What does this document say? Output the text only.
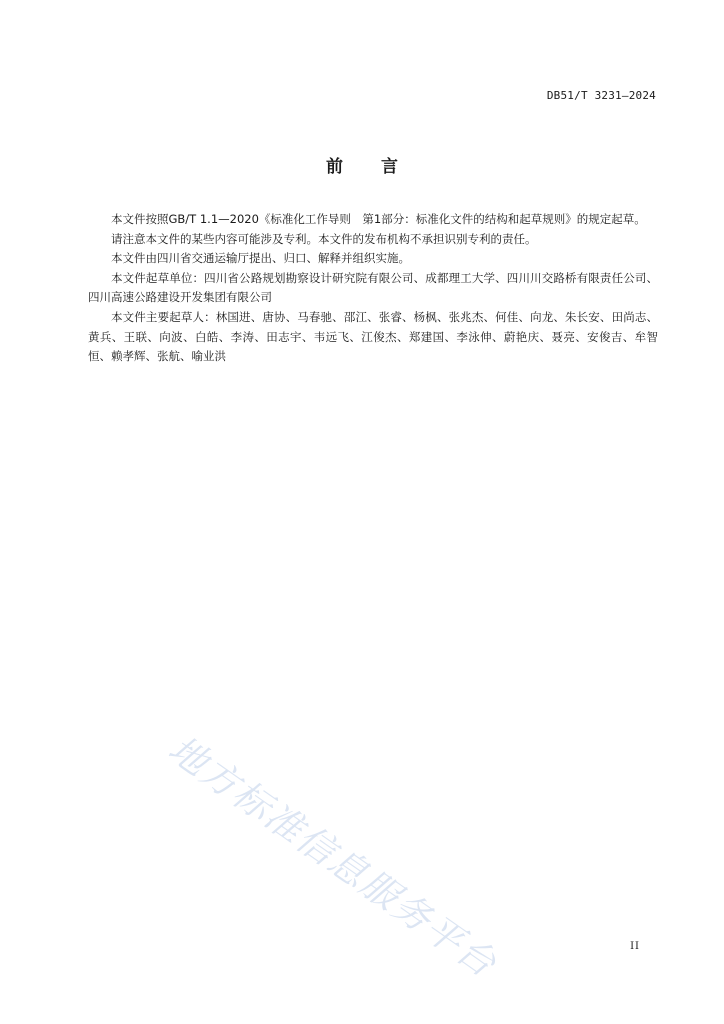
DB51/T 3231—2024
前言

本文件按照GB/T 1.1—2020《标准化工作导则　第1部分：标准化文件的结构和起草规则》的规定起草。

请注意本文件的某些内容可能涉及专利。本文件的发布机构不承担识别专利的责任。

本文件由四川省交通运输厅提出、归口、解释并组织实施。

本文件起草单位：四川省公路规划勘察设计研究院有限公司、成都理工大学、四川川交路桥有限责任公司、四川高速公路建设开发集团有限公司

本文件主要起草人：林国进、唐协、马春驰、邵江、张睿、杨枫、张兆杰、何佳、向龙、朱长安、田尚志、黄兵、王联、向波、白皓、李涛、田志宇、韦远飞、江俊杰、郑建国、李泳伸、蔚艳庆、聂亮、安俊吉、牟智恒、赖孝辉、张航、喻业洪

地方标准信息服务平台	II
